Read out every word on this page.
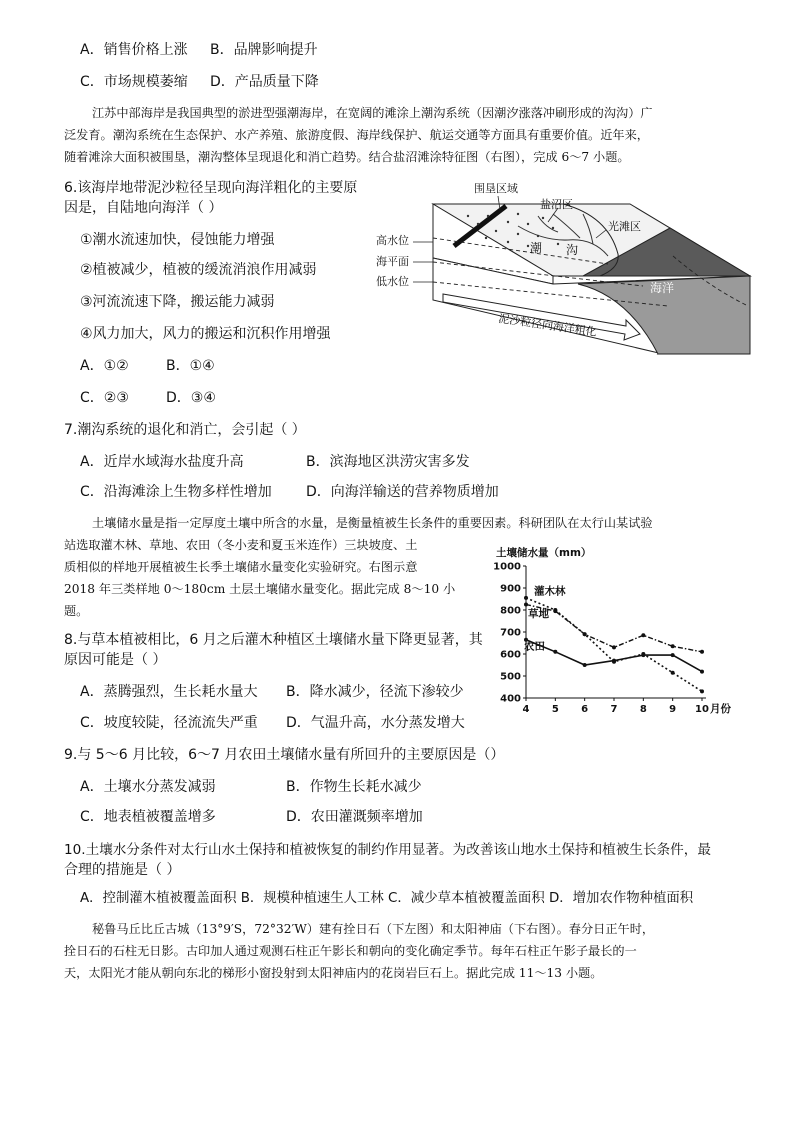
A．销售价格上涨 B．品牌影响提升
C．市场规模萎缩 D．产品质量下降
江苏中部海岸是我国典型的淤进型强潮海岸，在宽阔的滩涂上潮沟系统（因潮汐涨落冲刷形成的沟沟）广
泛发育。潮沟系统在生态保护、水产养殖、旅游度假、海岸线保护、航运交通等方面具有重要价值。近年来，
随着滩涂大面积被围垦，潮沟整体呈现退化和消亡趋势。结合盐沼滩涂特征图（右图），完成 6～7 小题。
6.该海岸地带泥沙粒径呈现向海洋粗化的主要原
因是，自陆地向海洋（ ）
①潮水流速加快，侵蚀能力增强
②植被减少，植被的缓流消浪作用减弱
③河流流速下降，搬运能力减弱
④风力加大，风力的搬运和沉积作用增强
A．①②	B．①④
C．②③	D．③④
围垦区域
盐沼区
光滩区
高水位
海平面
低水位
潮 沟
海洋
泥沙粒径向海洋粗化
7.潮沟系统的退化和消亡，会引起（ ）
A．近岸水域海水盐度升高	B．滨海地区洪涝灾害多发
C．沿海滩涂上生物多样性增加 D．向海洋输送的营养物质增加
土壤储水量是指一定厚度土壤中所含的水量，是衡量植被生长条件的重要因素。科研团队在太行山某试验
站选取灌木林、草地、农田（冬小麦和夏玉米连作）三块坡度、土
质相似的样地开展植被生长季土壤储水量变化实验研究。右图示意
2018 年三类样地 0～180cm 土层土壤储水量变化。据此完成 8～10 小
题。
土壤储水量（mm）
400
500
600
700
800
900
1000
4 5 6 7 8 9 10 月份
灌木林
草地
农田
8.与草本植被相比，6 月之后灌木种植区土壤储水量下降更显著，其
原因可能是（ ）
A．蒸腾强烈，生长耗水量大 B．降水减少，径流下渗较少
C．坡度较陡，径流流失严重 D．气温升高，水分蒸发增大
9.与 5～6 月比较，6～7 月农田土壤储水量有所回升的主要原因是（）
A．土壤水分蒸发减弱	B．作物生长耗水减少
C．地表植被覆盖增多	D．农田灌溉频率增加
10.土壤水分条件对太行山水土保持和植被恢复的制约作用显著。为改善该山地水土保持和植被生长条件，最
合理的措施是（ ）
A．控制灌木植被覆盖面积 B．规模种植速生人工林 C．减少草本植被覆盖面积 D．增加农作物种植面积
秘鲁马丘比丘古城（13°9′S，72°32′W）建有拴日石（下左图）和太阳神庙（下右图）。春分日正午时，
拴日石的石柱无日影。古印加人通过观测石柱正午影长和朝向的变化确定季节。每年石柱正午影子最长的一
天，太阳光才能从朝向东北的梯形小窗投射到太阳神庙内的花岗岩巨石上。据此完成 11～13 小题。
